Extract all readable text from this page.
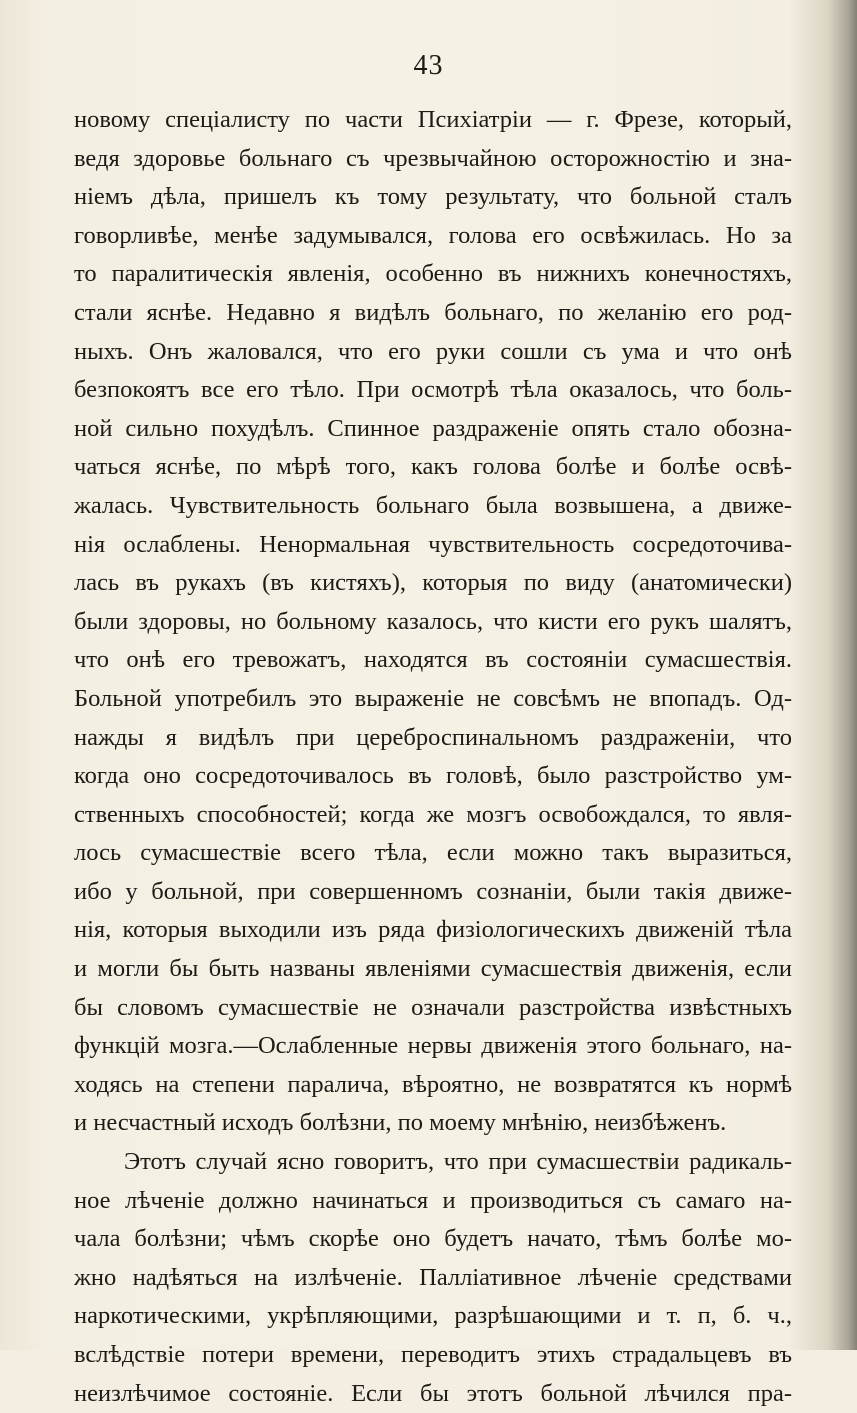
43
новому спеціалисту по части Психіатріи — г. Фрезе, который,
ведя здоровье больнаго съ чрезвычайною осторожностію и зна-
ніемъ дѣла, пришелъ къ тому результату, что больной сталъ
говорливѣе, менѣе задумывался, голова его освѣжилась. Но за
то паралитическія явленія, особенно въ нижнихъ конечностяхъ,
стали яснѣе. Недавно я видѣлъ больнаго, по желанію его род-
ныхъ. Онъ жаловался, что его руки сошли съ ума и что онѣ
безпокоятъ все его тѣло. При осмотрѣ тѣла оказалось, что боль-
ной сильно похудѣлъ. Спинное раздраженіе опять стало обозна-
чаться яснѣе, по мѣрѣ того, какъ голова болѣе и болѣе освѣ-
жалась. Чувствительность больнаго была возвышена, а движе-
нія ослаблены. Ненормальная чувствительность сосредоточива-
лась въ рукахъ (въ кистяхъ), которыя по виду (анатомически)
были здоровы, но больному казалось, что кисти его рукъ шалятъ,
что онѣ его тревожатъ, находятся въ состояніи сумасшествія.
Больной употребилъ это выраженіе не совсѣмъ не впопадъ. Од-
нажды я видѣлъ при цереброспинальномъ раздраженіи, что
когда оно сосредоточивалось въ головѣ, было разстройство ум-
ственныхъ способностей; когда же мозгъ освобождался, то явля-
лось сумасшествіе всего тѣла, если можно такъ выразиться,
ибо у больной, при совершенномъ сознаніи, были такія движе-
нія, которыя выходили изъ ряда физіологическихъ движеній тѣла
и могли бы быть названы явленіями сумасшествія движенія, если
бы словомъ сумасшествіе не означали разстройства извѣстныхъ
функцій мозга.—Ослабленные нервы движенія этого больнаго, на-
ходясь на степени паралича, вѣроятно, не возвратятся къ нормѣ
и несчастный исходъ болѣзни, по моему мнѣнію, неизбѣженъ.
Этотъ случай ясно говоритъ, что при сумасшествіи радикаль-
ное лѣченіе должно начинаться и производиться съ самаго на-
чала болѣзни; чѣмъ скорѣе оно будетъ начато, тѣмъ болѣе мо-
жно надѣяться на излѣченіе. Палліативное лѣченіе средствами
наркотическими, укрѣпляющими, разрѣшающими и т. п, б. ч.,
вслѣдствіе потери времени, переводитъ этихъ страдальцевъ въ
неизлѣчимое состояніе. Если бы этотъ больной лѣчился пра-
